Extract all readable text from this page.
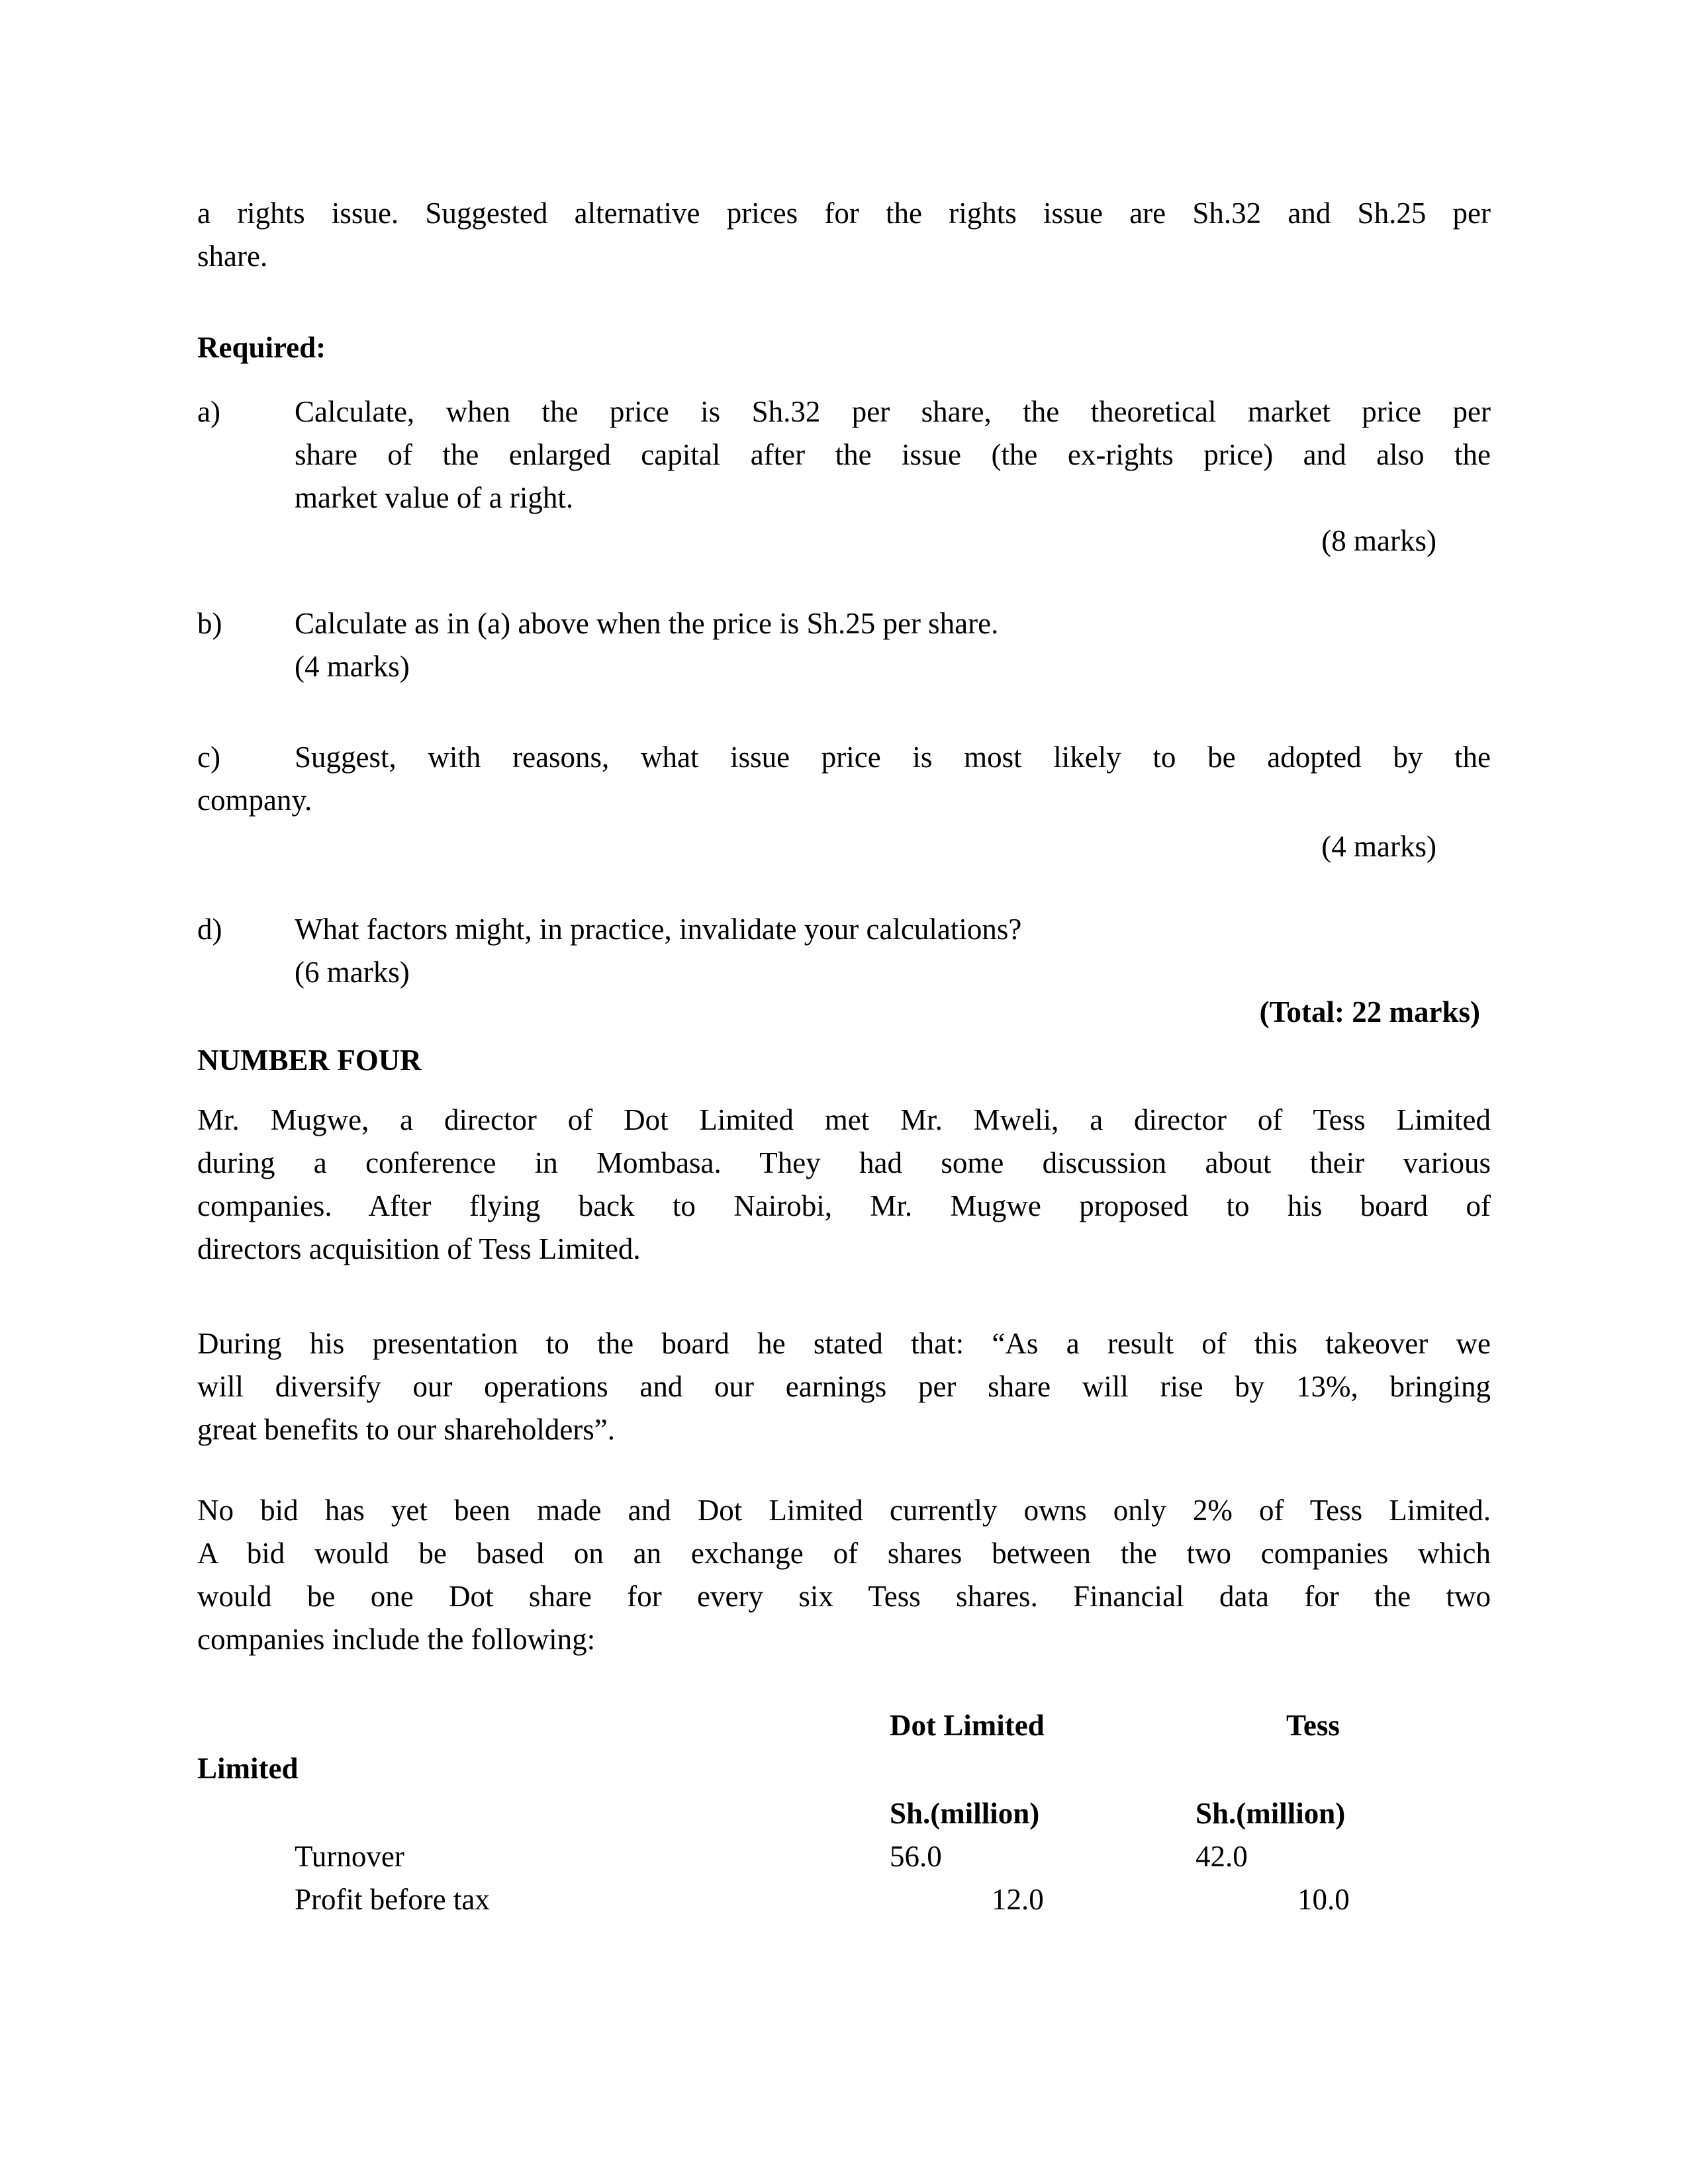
a rights issue. Suggested alternative prices for the rights issue are Sh.32 and Sh.25 per
share.
Required:
a) Calculate, when the price is Sh.32 per share, the theoretical market price per
share of the enlarged capital after the issue (the ex-rights price) and also the
market value of a right.
(8 marks)
b) Calculate as in (a) above when the price is Sh.25 per share.
(4 marks)
c) Suggest, with reasons, what issue price is most likely to be adopted by the
company.
(4 marks)
d) What factors might, in practice, invalidate your calculations?
(6 marks)
(Total: 22 marks)
NUMBER FOUR
Mr. Mugwe, a director of Dot Limited met Mr. Mweli, a director of Tess Limited
during a conference in Mombasa. They had some discussion about their various
companies. After flying back to Nairobi, Mr. Mugwe proposed to his board of
directors acquisition of Tess Limited.
During his presentation to the board he stated that: “As a result of this takeover we
will diversify our operations and our earnings per share will rise by 13%, bringing
great benefits to our shareholders”.
No bid has yet been made and Dot Limited currently owns only 2% of Tess Limited.
A bid would be based on an exchange of shares between the two companies which
would be one Dot share for every six Tess shares. Financial data for the two
companies include the following:
Dot Limited	Tess
Limited
Sh.(million)	Sh.(million)
Turnover	56.0	42.0
Profit before tax	12.0	10.0
